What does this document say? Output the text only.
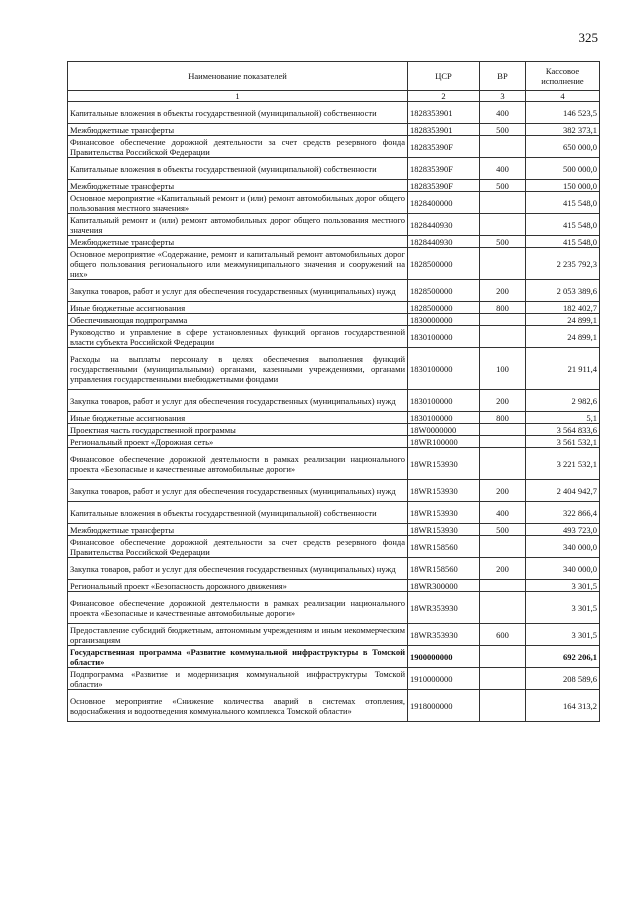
325
Наименование показателей	ЦСР	ВР	Кассовое исполнение
1	2	3	4
Капитальные вложения в объекты государственной (муниципальной) собственности	1828353901	400	146 523,5
Межбюджетные трансферты	1828353901	500	382 373,1
Финансовое обеспечение дорожной деятельности за счет средств резервного фонда Правительства Российской Федерации	182835390F		650 000,0
Капитальные вложения в объекты государственной (муниципальной) собственности	182835390F	400	500 000,0
Межбюджетные трансферты	182835390F	500	150 000,0
Основное мероприятие «Капитальный ремонт и (или) ремонт автомобильных дорог общего пользования местного значения»	1828400000		415 548,0
Капитальный ремонт и (или) ремонт автомобильных дорог общего пользования местного значения	1828440930		415 548,0
Межбюджетные трансферты	1828440930	500	415 548,0
Основное мероприятие «Содержание, ремонт и капитальный ремонт автомобильных дорог общего пользования регионального или межмуниципального значения и сооружений на них»	1828500000		2 235 792,3
Закупка товаров, работ и услуг для обеспечения государственных (муниципальных) нужд	1828500000	200	2 053 389,6
Иные бюджетные ассигнования	1828500000	800	182 402,7
Обеспечивающая подпрограмма	1830000000		24 899,1
Руководство и управление в сфере установленных функций органов государственной власти субъекта Российской Федерации	1830100000		24 899,1
Расходы на выплаты персоналу в целях обеспечения выполнения функций государственными (муниципальными) органами, казенными учреждениями, органами управления государственными внебюджетными фондами	1830100000	100	21 911,4
Закупка товаров, работ и услуг для обеспечения государственных (муниципальных) нужд	1830100000	200	2 982,6
Иные бюджетные ассигнования	1830100000	800	5,1
Проектная часть государственной программы	18W0000000		3 564 833,6
Региональный проект «Дорожная сеть»	18WR100000		3 561 532,1
Финансовое обеспечение дорожной деятельности в рамках реализации национального проекта «Безопасные и качественные автомобильные дороги»	18WR153930		3 221 532,1
Закупка товаров, работ и услуг для обеспечения государственных (муниципальных) нужд	18WR153930	200	2 404 942,7
Капитальные вложения в объекты государственной (муниципальной) собственности	18WR153930	400	322 866,4
Межбюджетные трансферты	18WR153930	500	493 723,0
Финансовое обеспечение дорожной деятельности за счет средств резервного фонда Правительства Российской Федерации	18WR158560		340 000,0
Закупка товаров, работ и услуг для обеспечения государственных (муниципальных) нужд	18WR158560	200	340 000,0
Региональный проект «Безопасность дорожного движения»	18WR300000		3 301,5
Финансовое обеспечение дорожной деятельности в рамках реализации национального проекта «Безопасные и качественные автомобильные дороги»	18WR353930		3 301,5
Предоставление субсидий бюджетным, автономным учреждениям и иным некоммерческим организациям	18WR353930	600	3 301,5
Государственная программа «Развитие коммунальной инфраструктуры в Томской области»	1900000000		692 206,1
Подпрограмма «Развитие и модернизация коммунальной инфраструктуры Томской области»	1910000000		208 589,6
Основное мероприятие «Снижение количества аварий в системах отопления, водоснабжения и водоотведения коммунального комплекса Томской области»	1918000000		164 313,2
